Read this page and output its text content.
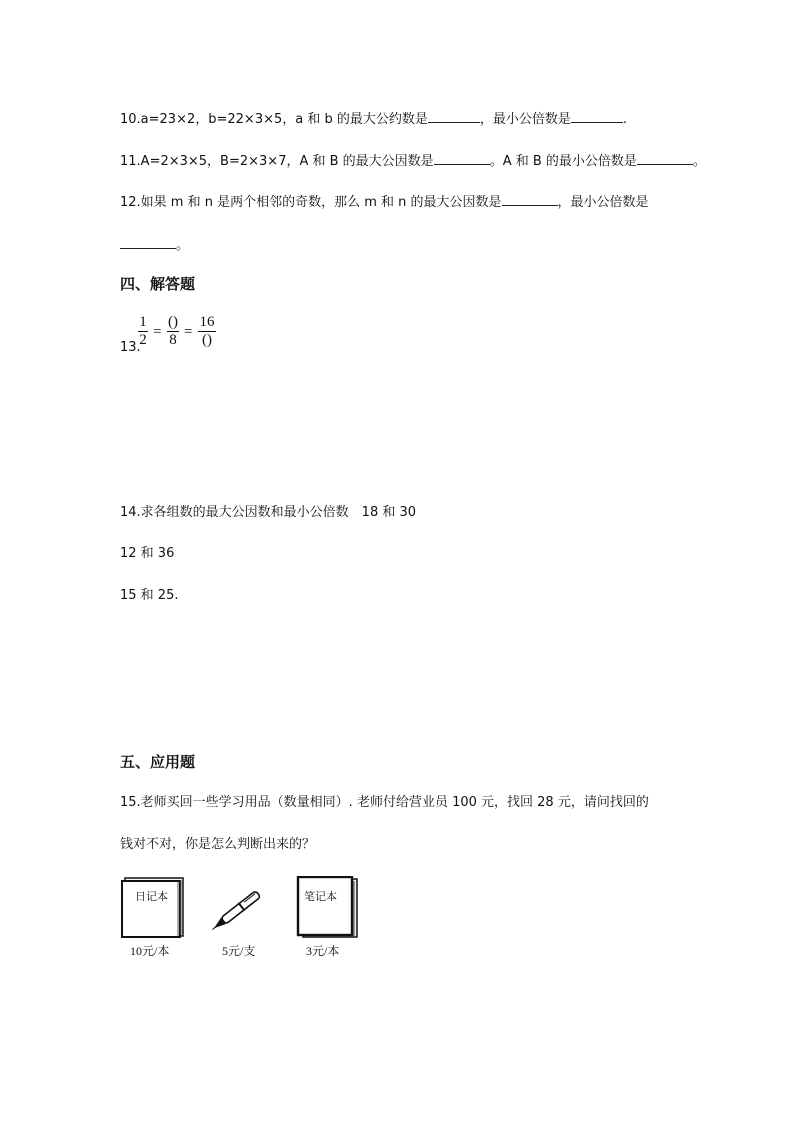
10.a=23×2，b=22×3×5，a 和 b 的最大公约数是	，最小公倍数是	.
11.A=2×3×5，B=2×3×7，A 和 B 的最大公因数是	。A 和 B 的最小公倍数是	。
12.如果 m 和 n 是两个相邻的奇数，那么 m 和 n 的最大公因数是	，最小公倍数是
。
四、解答题
13.
1
2 =
()
8 =
16
()
14.求各组数的最大公因数和最小公倍数　18 和 30
12 和 36
15 和 25.
五、应用题
15.老师买回一些学习用品（数量相同）. 老师付给营业员 100 元，找回 28 元，请问找回的
钱对不对，你是怎么判断出来的？
日记本
10元/本	5元/支
笔记本
3元/本
